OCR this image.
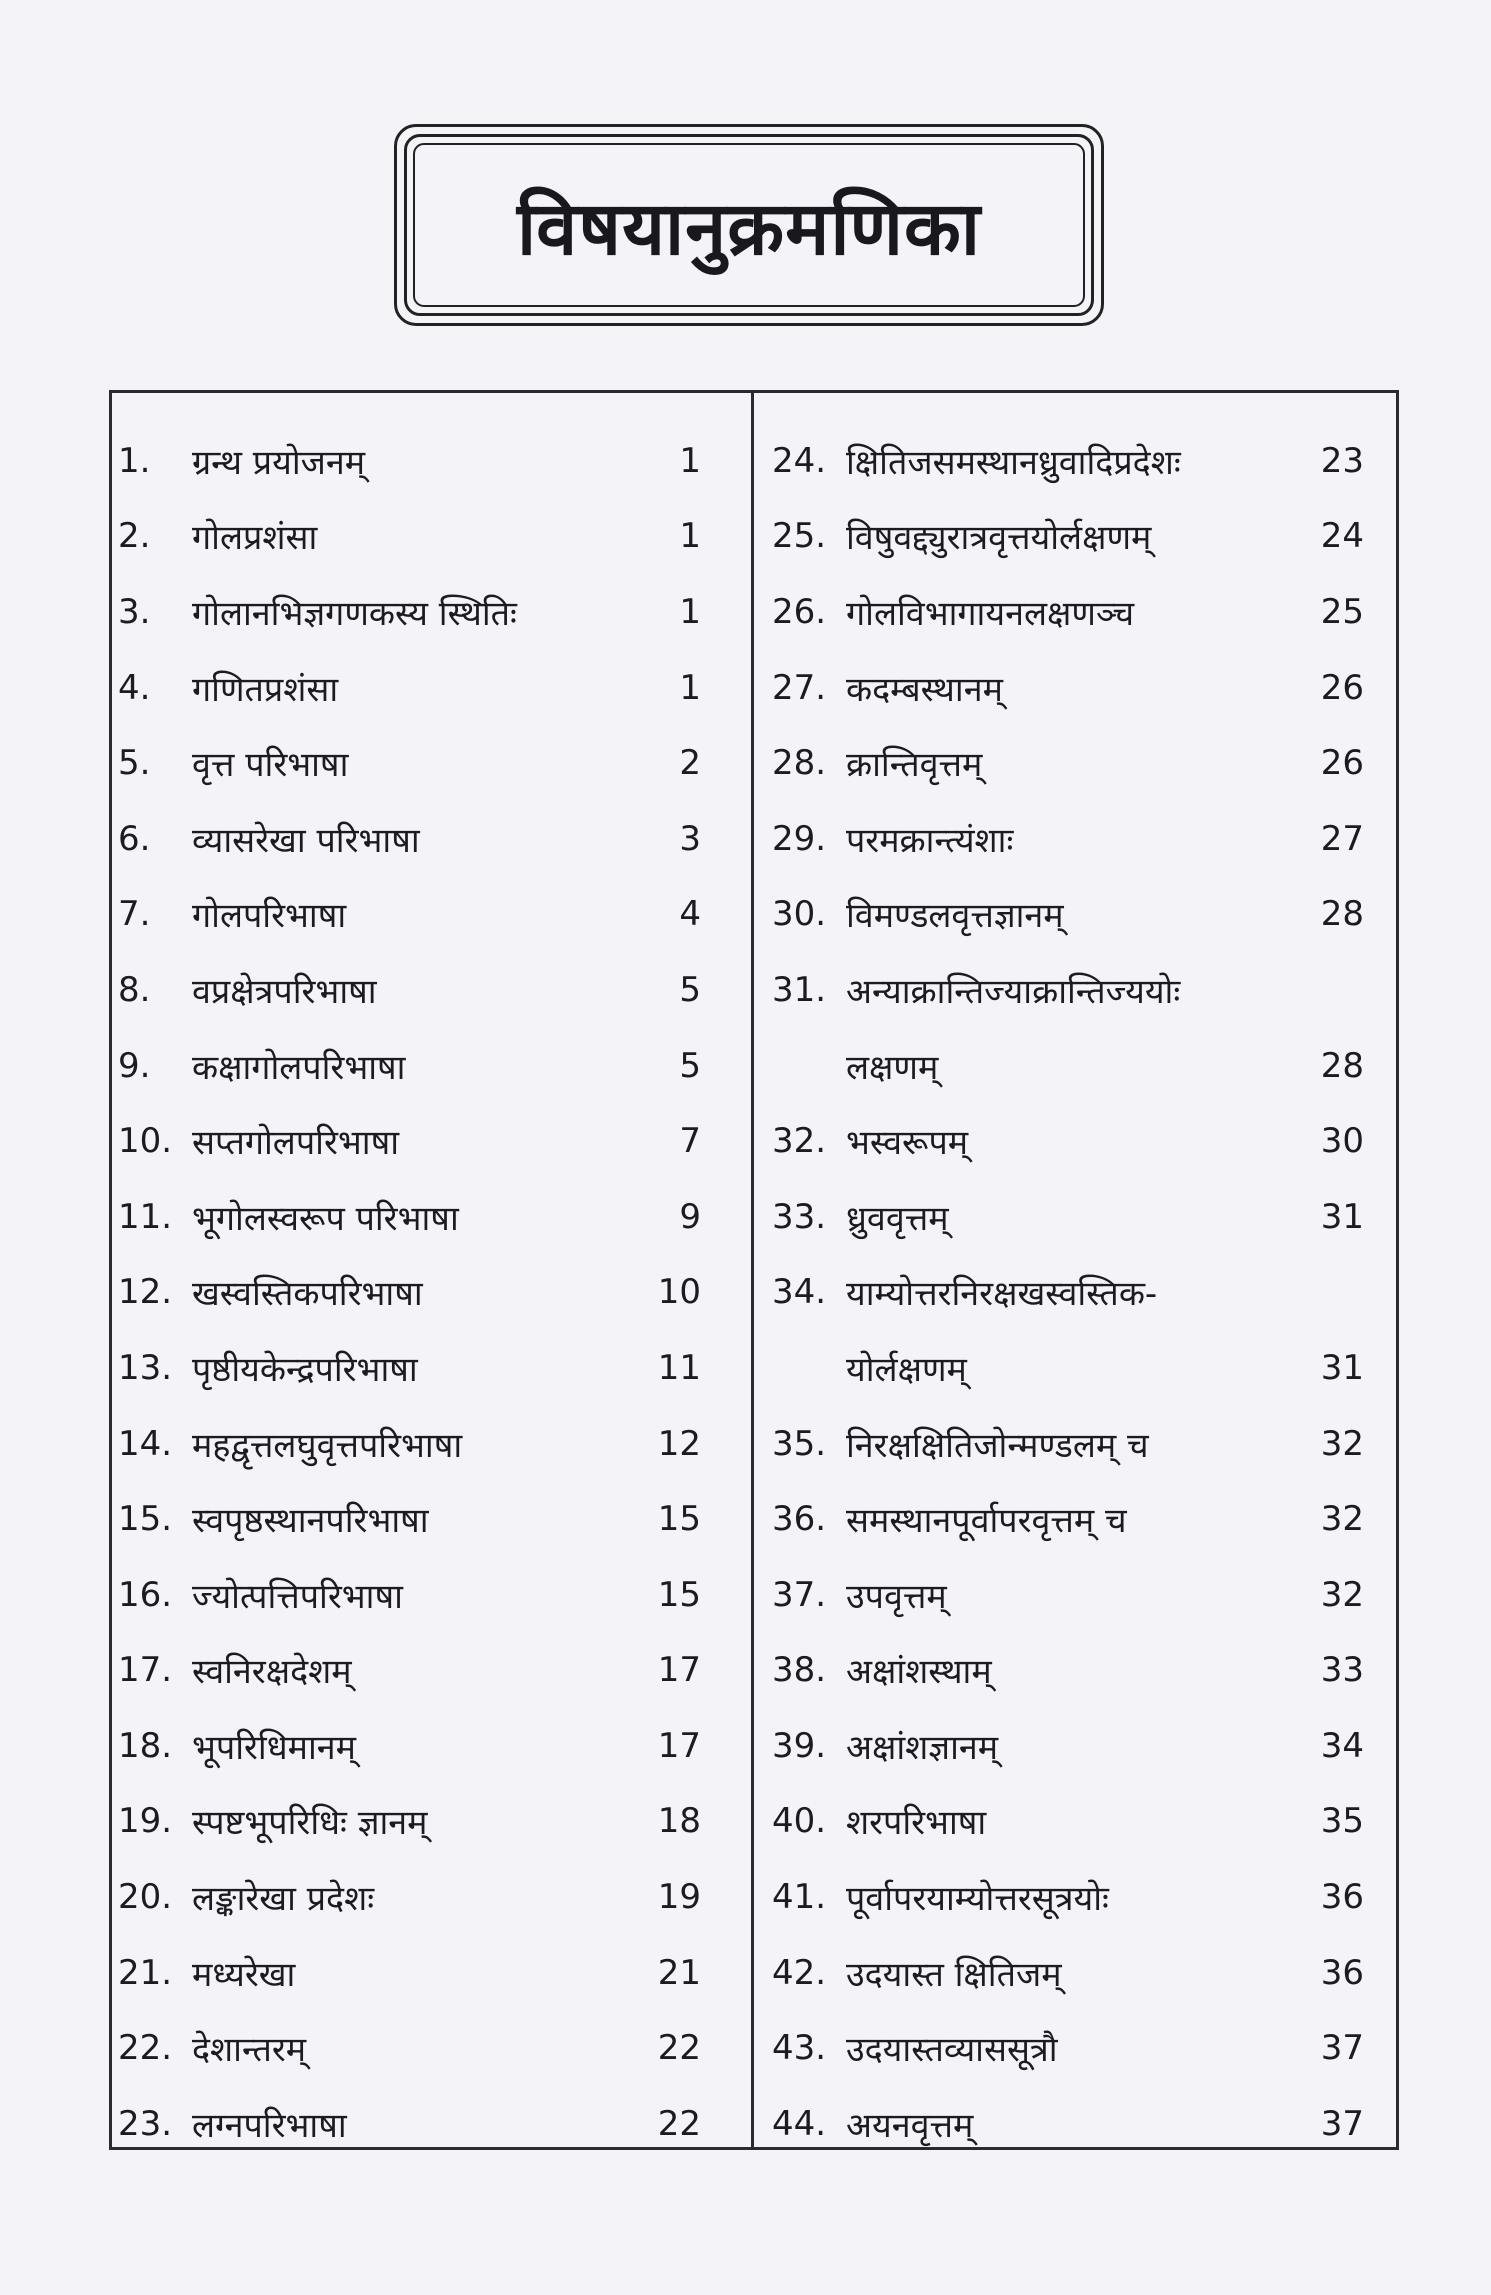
विषयानुक्रमणिका
1.	ग्रन्थ प्रयोजनम्	1
2.	गोलप्रशंसा	1
3.	गोलानभिज्ञगणकस्य स्थितिः	1
4.	गणितप्रशंसा	1
5.	वृत्त परिभाषा	2
6.	व्यासरेखा परिभाषा	3
7.	गोलपरिभाषा	4
8.	वप्रक्षेत्रपरिभाषा	5
9.	कक्षागोलपरिभाषा	5
10. सप्तगोलपरिभाषा	7
11. भूगोलस्वरूप परिभाषा	9
12. खस्वस्तिकपरिभाषा	10
13. पृष्ठीयकेन्द्रपरिभाषा	11
14. महद्वृत्तलघुवृत्तपरिभाषा	12
15. स्वपृष्ठस्थानपरिभाषा	15
16. ज्योत्पत्तिपरिभाषा	15
17. स्वनिरक्षदेशम्	17
18. भूपरिधिमानम्	17
19. स्पष्टभूपरिधिः ज्ञानम्	18
20. लङ्कारेखा प्रदेशः	19
21. मध्यरेखा	21
22. देशान्तरम्	22
23. लग्नपरिभाषा	22
24. क्षितिजसमस्थानध्रुवादिप्रदेशः	23
25. विषुवद्द्युरात्रवृत्तयोर्लक्षणम्	24
26. गोलविभागायनलक्षणञ्च	25
27. कदम्बस्थानम्	26
28. क्रान्तिवृत्तम्	26
29. परमक्रान्त्यंशाः	27
30. विमण्डलवृत्तज्ञानम्	28
31. अन्याक्रान्तिज्याक्रान्तिज्ययोः
लक्षणम्	28
32. भस्वरूपम्	30
33. ध्रुववृत्तम्	31
34. याम्योत्तरनिरक्षखस्वस्तिक-
योर्लक्षणम्	31
35. निरक्षक्षितिजोन्मण्डलम् च	32
36. समस्थानपूर्वापरवृत्तम् च	32
37. उपवृत्तम्	32
38. अक्षांशस्थाम्	33
39. अक्षांशज्ञानम्	34
40. शरपरिभाषा	35
41. पूर्वापरयाम्योत्तरसूत्रयोः	36
42. उदयास्त क्षितिजम्	36
43. उदयास्तव्याससूत्रौ	37
44. अयनवृत्तम्	37
